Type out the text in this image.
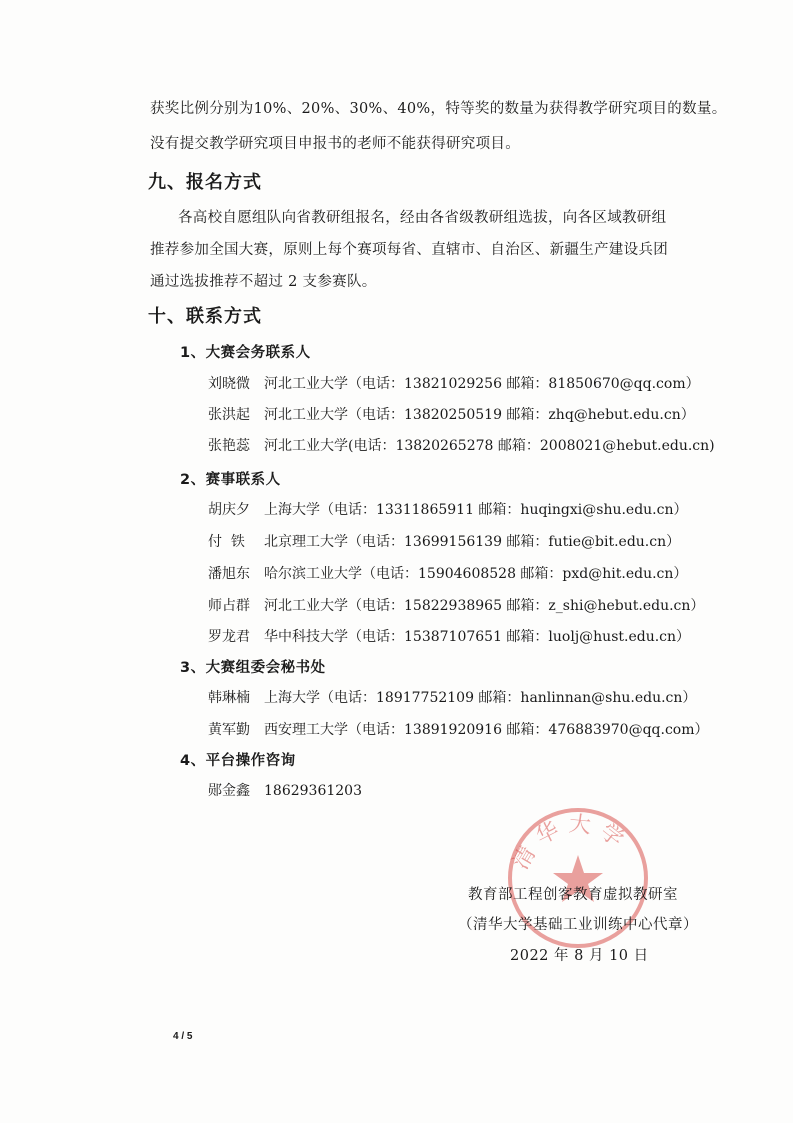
获奖比例分别为10%、20%、30%、40%，特等奖的数量为获得教学研究项目的数量。
没有提交教学研究项目申报书的老师不能获得研究项目。
九、报名方式
各高校自愿组队向省教研组报名，经由各省级教研组选拔，向各区域教研组
推荐参加全国大赛，原则上每个赛项每省、直辖市、自治区、新疆生产建设兵团
通过选拔推荐不超过 2 支参赛队。
十、联系方式
1、大赛会务联系人
刘晓微 河北工业大学（电话：13821029256 邮箱：81850670@qq.com）
张洪起 河北工业大学（电话：13820250519 邮箱：zhq@hebut.edu.cn）
张艳蕊 河北工业大学(电话：13820265278 邮箱：2008021@hebut.edu.cn)
2、赛事联系人
胡庆夕 上海大学（电话：13311865911 邮箱：huqingxi@shu.edu.cn）
付  铁 北京理工大学（电话：13699156139 邮箱：futie@bit.edu.cn）
潘旭东 哈尔滨工业大学（电话：15904608528 邮箱：pxd@hit.edu.cn）
师占群 河北工业大学（电话：15822938965 邮箱：z_shi@hebut.edu.cn）
罗龙君 华中科技大学（电话：15387107651 邮箱：luolj@hust.edu.cn）
3、大赛组委会秘书处
韩琳楠 上海大学（电话：18917752109 邮箱：hanlinnan@shu.edu.cn）
黄军勤 西安理工大学（电话：13891920916 邮箱：476883970@qq.com）
4、平台操作咨询
郧金鑫 18629361203
清华大学
教育部工程创客教育虚拟教研室
（清华大学基础工业训练中心代章）
2022 年 8 月 10 日
4 / 5
